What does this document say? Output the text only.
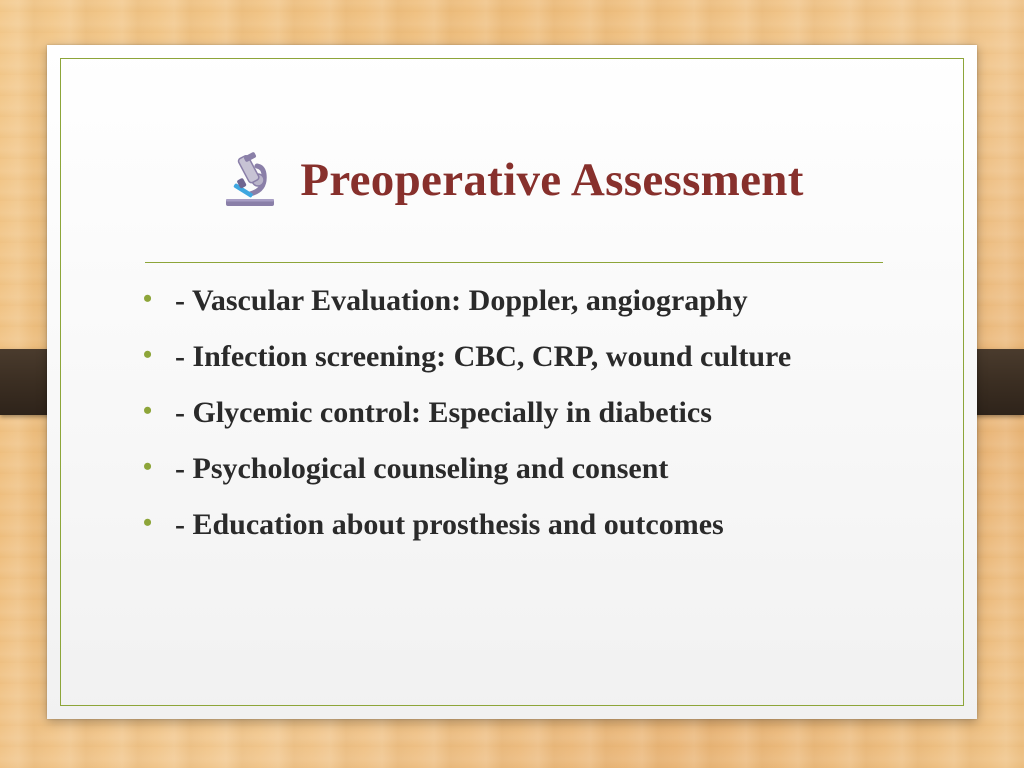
Preoperative Assessment
• - Vascular Evaluation: Doppler, angiography
• - Infection screening: CBC, CRP, wound culture
• - Glycemic control: Especially in diabetics
• - Psychological counseling and consent
• - Education about prosthesis and outcomes
